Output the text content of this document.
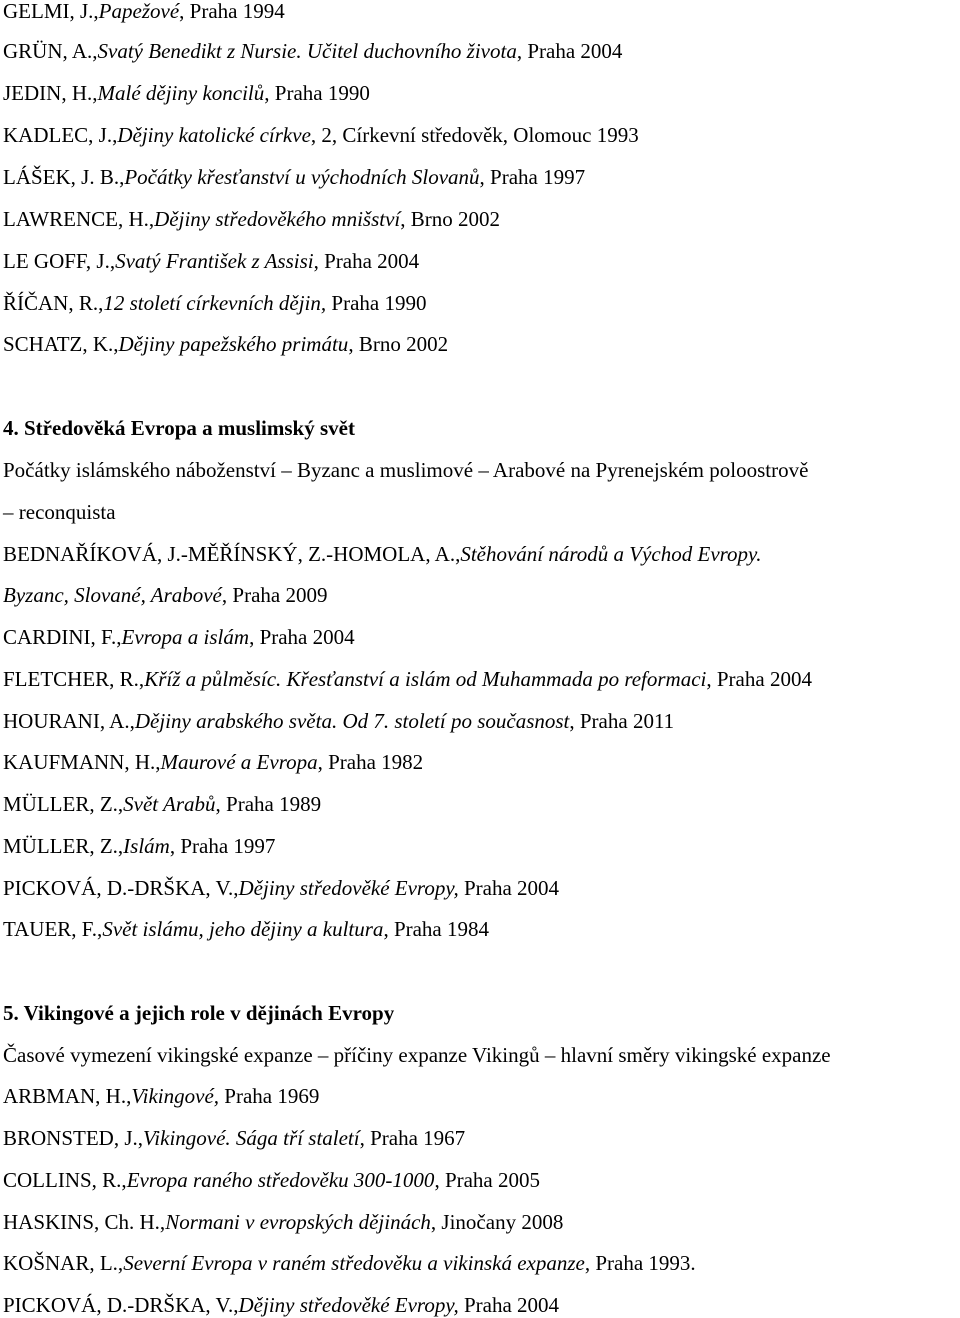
GELMI, J.,Papežové, Praha 1994
GRÜN, A.,Svatý Benedikt z Nursie. Učitel duchovního života, Praha 2004
JEDIN, H.,Malé dějiny koncilů, Praha 1990
KADLEC, J.,Dějiny katolické církve, 2, Církevní středověk, Olomouc 1993
LÁŠEK, J. B.,Počátky křesťanství u východních Slovanů, Praha 1997
LAWRENCE, H.,Dějiny středověkého mnišství, Brno 2002
LE GOFF, J.,Svatý František z Assisi, Praha 2004
ŘÍČAN, R.,12 století církevních dějin, Praha 1990
SCHATZ, K.,Dějiny papežského primátu, Brno 2002
4. Středověká Evropa a muslimský svět
Počátky islámského náboženství – Byzanc a muslimové – Arabové na Pyrenejském poloostrově
– reconquista
BEDNAŘÍKOVÁ, J.-MĚŘÍNSKÝ, Z.-HOMOLA, A.,Stěhování národů a Východ Evropy.
Byzanc, Slované, Arabové, Praha 2009
CARDINI, F.,Evropa a islám, Praha 2004
FLETCHER, R.,Kříž a půlměsíc. Křesťanství a islám od Muhammada po reformaci, Praha 2004
HOURANI, A.,Dějiny arabského světa. Od 7. století po současnost, Praha 2011
KAUFMANN, H.,Maurové a Evropa, Praha 1982
MÜLLER, Z.,Svět Arabů, Praha 1989
MÜLLER, Z.,Islám, Praha 1997
PICKOVÁ, D.-DRŠKA, V.,Dějiny středověké Evropy, Praha 2004
TAUER, F.,Svět islámu, jeho dějiny a kultura, Praha 1984
5. Vikingové a jejich role v dějinách Evropy
Časové vymezení vikingské expanze – příčiny expanze Vikingů – hlavní směry vikingské expanze
ARBMAN, H.,Vikingové, Praha 1969
BRONSTED, J.,Vikingové. Sága tří staletí, Praha 1967
COLLINS, R.,Evropa raného středověku 300-1000, Praha 2005
HASKINS, Ch. H.,Normani v evropských dějinách, Jinočany 2008
KOŠNAR, L.,Severní Evropa v raném středověku a vikinská expanze, Praha 1993.
PICKOVÁ, D.-DRŠKA, V.,Dějiny středověké Evropy, Praha 2004
